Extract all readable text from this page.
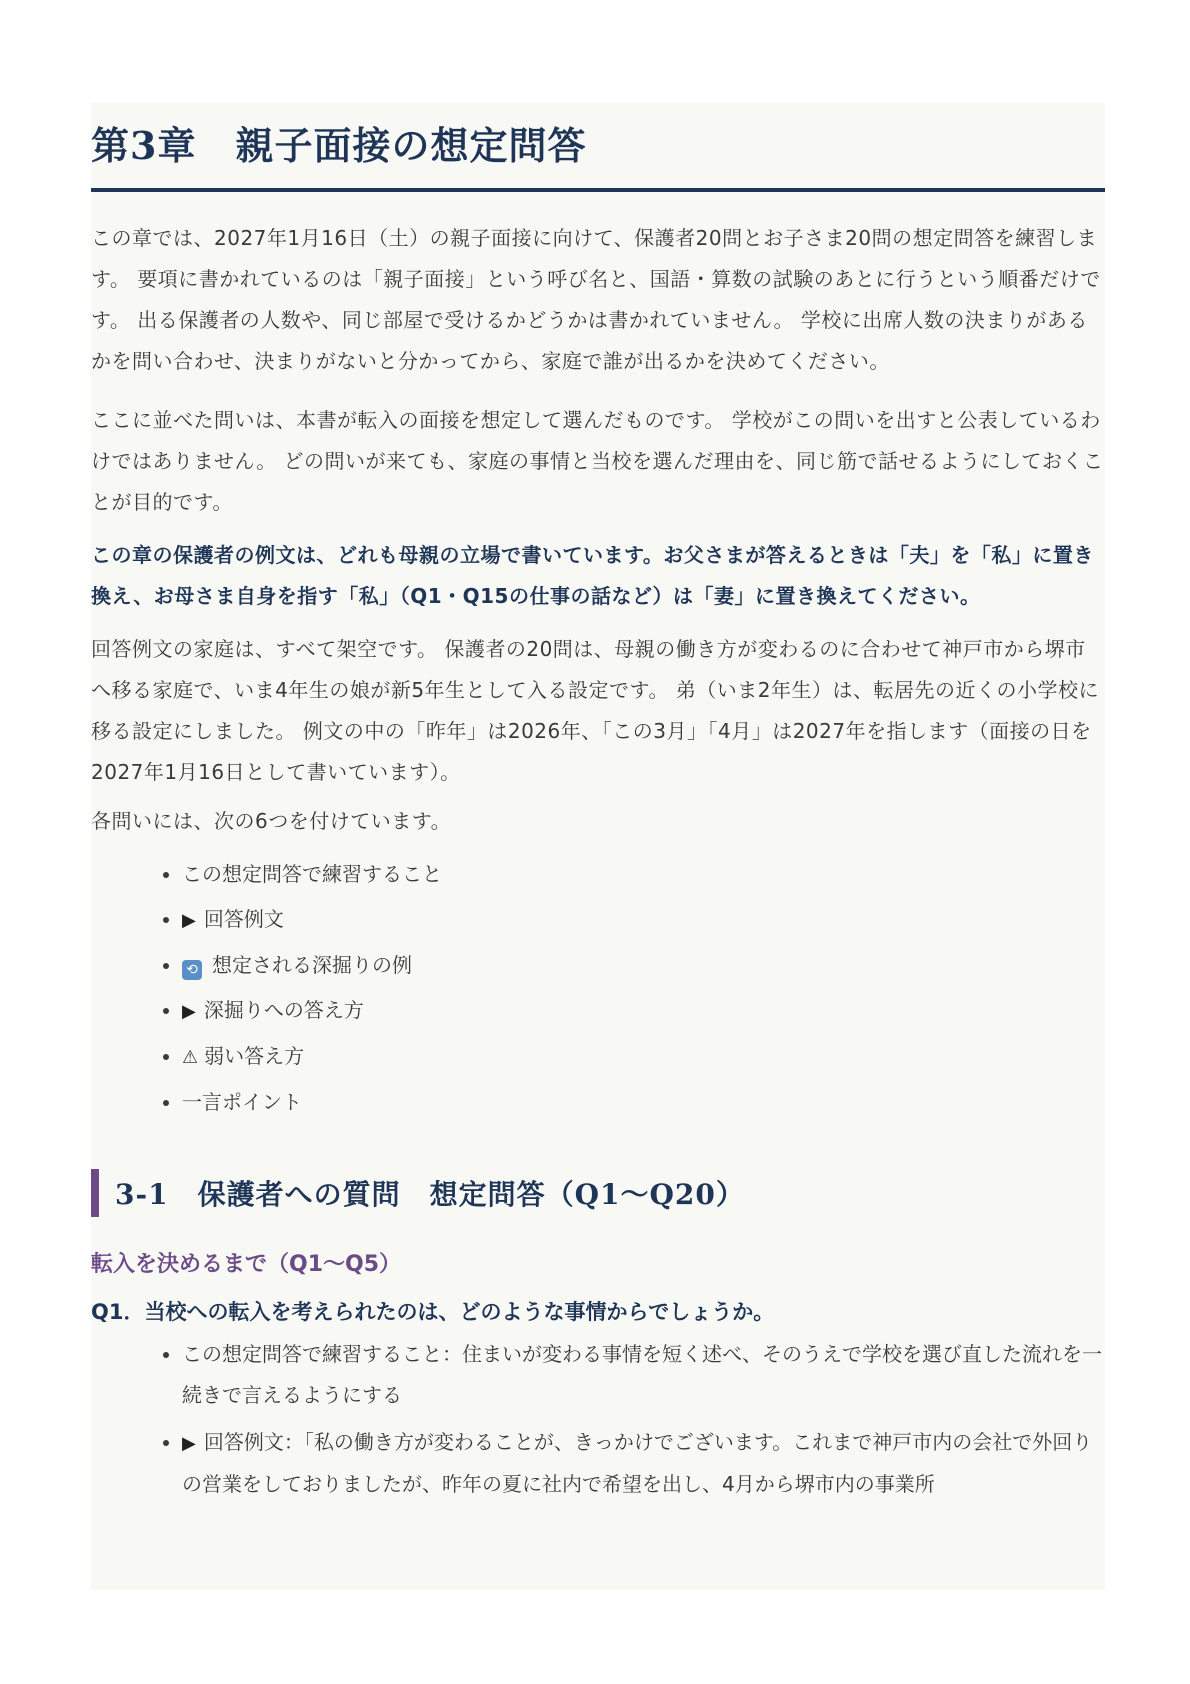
第3章　親子面接の想定問答

この章では、2027年1月16日（土）の親子面接に向けて、保護者20問とお子さま20問の想定問答を練習します。 要項に書かれているのは「親子面接」という呼び名と、国語・算数の試験のあとに行うという順番だけです。 出る保護者の人数や、同じ部屋で受けるかどうかは書かれていません。 学校に出席人数の決まりがあるかを問い合わせ、決まりがないと分かってから、家庭で誰が出るかを決めてください。

ここに並べた問いは、本書が転入の面接を想定して選んだものです。 学校がこの問いを出すと公表しているわけではありません。 どの問いが来ても、家庭の事情と当校を選んだ理由を、同じ筋で話せるようにしておくことが目的です。

この章の保護者の例文は、どれも母親の立場で書いています。お父さまが答えるときは「夫」を「私」に置き換え、お母さま自身を指す「私」（Q1・Q15の仕事の話など）は「妻」に置き換えてください。

回答例文の家庭は、すべて架空です。 保護者の20問は、母親の働き方が変わるのに合わせて神戸市から堺市へ移る家庭で、いま4年生の娘が新5年生として入る設定です。 弟（いま2年生）は、転居先の近くの小学校に移る設定にしました。 例文の中の「昨年」は2026年、「この3月」「4月」は2027年を指します（面接の日を2027年1月16日として書いています）。

各問いには、次の6つを付けています。

• この想定問答で練習すること
• ▶ 回答例文
• ⟲ 想定される深掘りの例
• ▶ 深掘りへの答え方
• ⚠ 弱い答え方
• 一言ポイント
3-1　保護者への質問　想定問答（Q1〜Q20）
転入を決めるまで（Q1〜Q5）
Q1．当校への転入を考えられたのは、どのような事情からでしょうか。
• この想定問答で練習すること：住まいが変わる事情を短く述べ、そのうえで学校を選び直した流れを一続きで言えるようにする
• ▶ 回答例文：「私の働き方が変わることが、きっかけでございます。これまで神戸市内の会社で外回りの営業をしておりましたが、昨年の夏に社内で希望を出し、4月から堺市内の事業所
